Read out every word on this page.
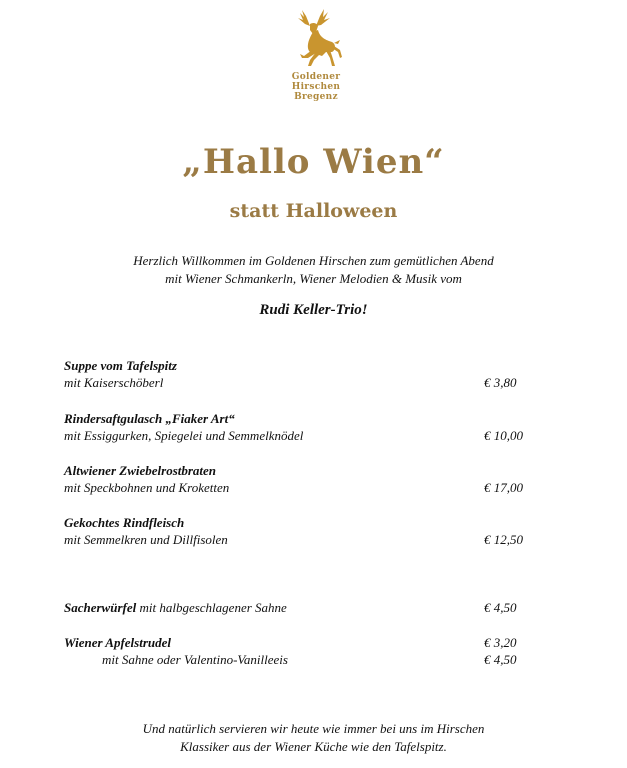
Goldener Hirschen
Bregenz
„Hallo Wien“
statt Halloween
Herzlich Willkommen im Goldenen Hirschen zum gemütlichen Abend
mit Wiener Schmankerln, Wiener Melodien & Musik vom
Rudi Keller-Trio!
Suppe vom Tafelspitz
mit Kaiserschöberl	€ 3,80
Rindersaftgulasch „Fiaker Art“
mit Essiggurken, Spiegelei und Semmelknödel	€ 10,00
Altwiener Zwiebelrostbraten
mit Speckbohnen und Kroketten	€ 17,00
Gekochtes Rindfleisch
mit Semmelkren und Dillfisolen	€ 12,50
Sacherwürfel mit halbgeschlagener Sahne	€ 4,50
Wiener Apfelstrudel	€ 3,20
mit Sahne oder Valentino-Vanilleeis	€ 4,50
Und natürlich servieren wir heute wie immer bei uns im Hirschen
Klassiker aus der Wiener Küche wie den Tafelspitz.
